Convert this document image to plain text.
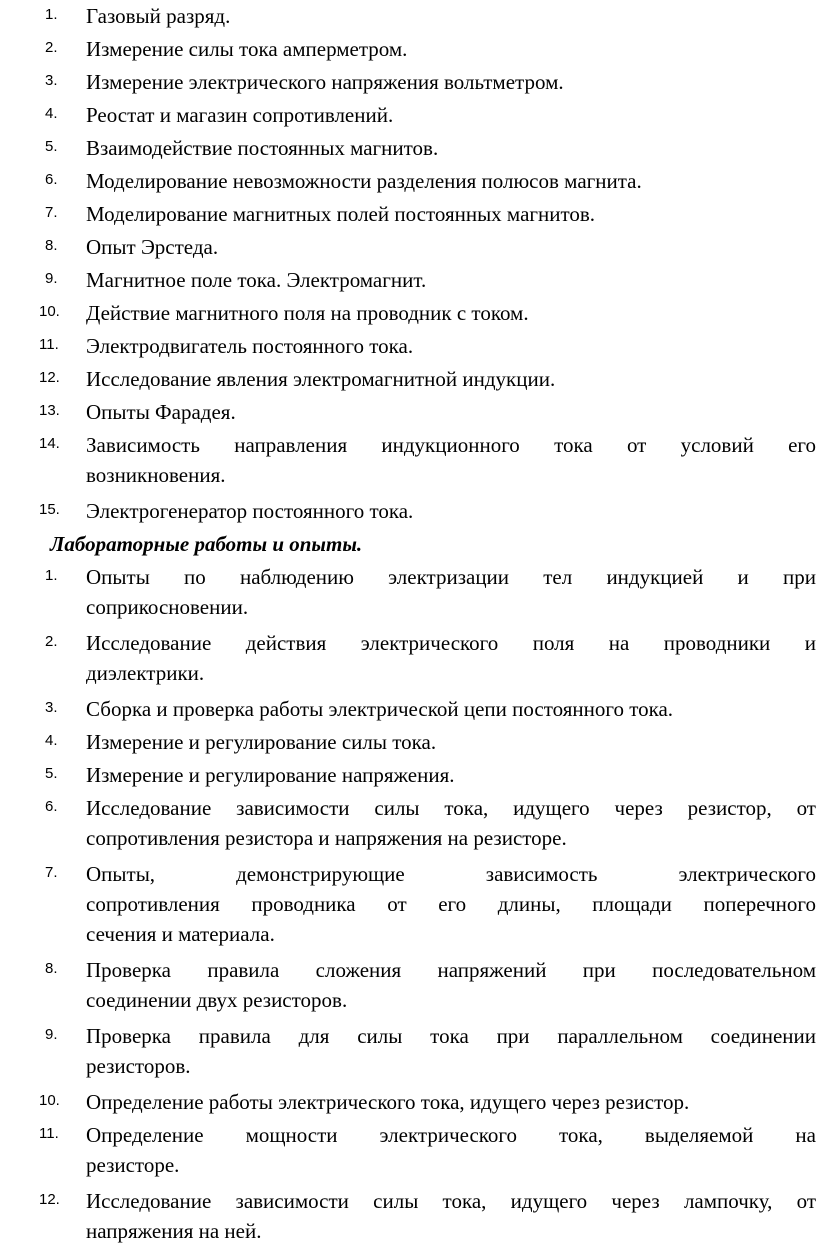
1.	Газовый разряд.
2.	Измерение силы тока амперметром.
3.	Измерение электрического напряжения вольтметром.
4.	Реостат и магазин сопротивлений.
5.	Взаимодействие постоянных магнитов.
6.	Моделирование невозможности разделения полюсов магнита.
7.	Моделирование магнитных полей постоянных магнитов.
8.	Опыт Эрстеда.
9.	Магнитное поле тока. Электромагнит.
10.	Действие магнитного поля на проводник с током.
11.	Электродвигатель постоянного тока.
12.	Исследование явления электромагнитной индукции.
13.	Опыты Фарадея.
14.	Зависимость направления индукционного тока от условий его
возникновения.
15.	Электрогенератор постоянного тока.
Лабораторные работы и опыты.
1.	Опыты по наблюдению электризации тел индукцией и при
соприкосновении.
2.	Исследование действия электрического поля на проводники и
диэлектрики.
3.	Сборка и проверка работы электрической цепи постоянного тока.
4.	Измерение и регулирование силы тока.
5.	Измерение и регулирование напряжения.
6.	Исследование зависимости силы тока, идущего через резистор, от
сопротивления резистора и напряжения на резисторе.
7.	Опыты, демонстрирующие зависимость электрического
сопротивления проводника от его длины, площади поперечного
сечения и материала.
8.	Проверка правила сложения напряжений при последовательном
соединении двух резисторов.
9.	Проверка правила для силы тока при параллельном соединении
резисторов.
10.	Определение работы электрического тока, идущего через резистор.
11.	Определение мощности электрического тока, выделяемой на
резисторе.
12.	Исследование зависимости силы тока, идущего через лампочку, от
напряжения на ней.
